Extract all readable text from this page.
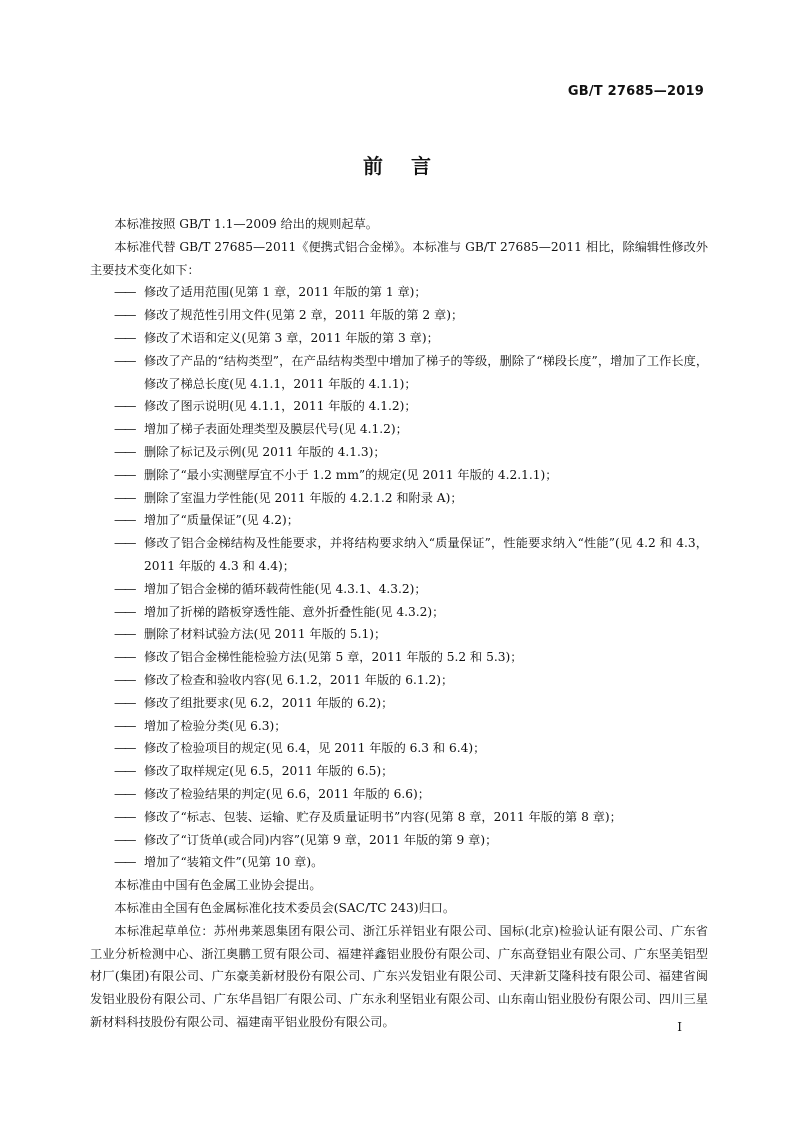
GB/T 27685—2019
前言

本标准按照 GB/T 1.1—2009 给出的规则起草。

本标准代替 GB/T 27685—2011《便携式铝合金梯》。本标准与 GB/T 27685—2011 相比，除编辑性修改外主要技术变化如下：

—— 修改了适用范围(见第 1 章，2011 年版的第 1 章)；

—— 修改了规范性引用文件(见第 2 章，2011 年版的第 2 章)；

—— 修改了术语和定义(见第 3 章，2011 年版的第 3 章)；

—— 修改了产品的“结构类型”，在产品结构类型中增加了梯子的等级，删除了“梯段长度”，增加了工作长度，修改了梯总长度(见 4.1.1，2011 年版的 4.1.1)；

—— 修改了图示说明(见 4.1.1，2011 年版的 4.1.2)；

—— 增加了梯子表面处理类型及膜层代号(见 4.1.2)；

—— 删除了标记及示例(见 2011 年版的 4.1.3)；

—— 删除了“最小实测壁厚宜不小于 1.2 mm”的规定(见 2011 年版的 4.2.1.1)；

—— 删除了室温力学性能(见 2011 年版的 4.2.1.2 和附录 A)；

—— 增加了“质量保证”(见 4.2)；

—— 修改了铝合金梯结构及性能要求，并将结构要求纳入“质量保证”，性能要求纳入“性能”(见 4.2 和 4.3，2011 年版的 4.3 和 4.4)；

—— 增加了铝合金梯的循环载荷性能(见 4.3.1、4.3.2)；

—— 增加了折梯的踏板穿透性能、意外折叠性能(见 4.3.2)；

—— 删除了材料试验方法(见 2011 年版的 5.1)；

—— 修改了铝合金梯性能检验方法(见第 5 章，2011 年版的 5.2 和 5.3)；

—— 修改了检查和验收内容(见 6.1.2，2011 年版的 6.1.2)；

—— 修改了组批要求(见 6.2，2011 年版的 6.2)；

—— 增加了检验分类(见 6.3)；

—— 修改了检验项目的规定(见 6.4，见 2011 年版的 6.3 和 6.4)；

—— 修改了取样规定(见 6.5，2011 年版的 6.5)；

—— 修改了检验结果的判定(见 6.6，2011 年版的 6.6)；

—— 修改了“标志、包装、运输、贮存及质量证明书”内容(见第 8 章，2011 年版的第 8 章)；

—— 修改了“订货单(或合同)内容”(见第 9 章，2011 年版的第 9 章)；

—— 增加了“装箱文件”(见第 10 章)。

本标准由中国有色金属工业协会提出。

本标准由全国有色金属标准化技术委员会(SAC/TC 243)归口。

本标准起草单位：苏州弗莱恩集团有限公司、浙江乐祥铝业有限公司、国标(北京)检验认证有限公司、广东省工业分析检测中心、浙江奥鹏工贸有限公司、福建祥鑫铝业股份有限公司、广东高登铝业有限公司、广东坚美铝型材厂(集团)有限公司、广东豪美新材股份有限公司、广东兴发铝业有限公司、天津新艾隆科技有限公司、福建省闽发铝业股份有限公司、广东华昌铝厂有限公司、广东永利坚铝业有限公司、山东南山铝业股份有限公司、四川三星新材料科技股份有限公司、福建南平铝业股份有限公司。	I
